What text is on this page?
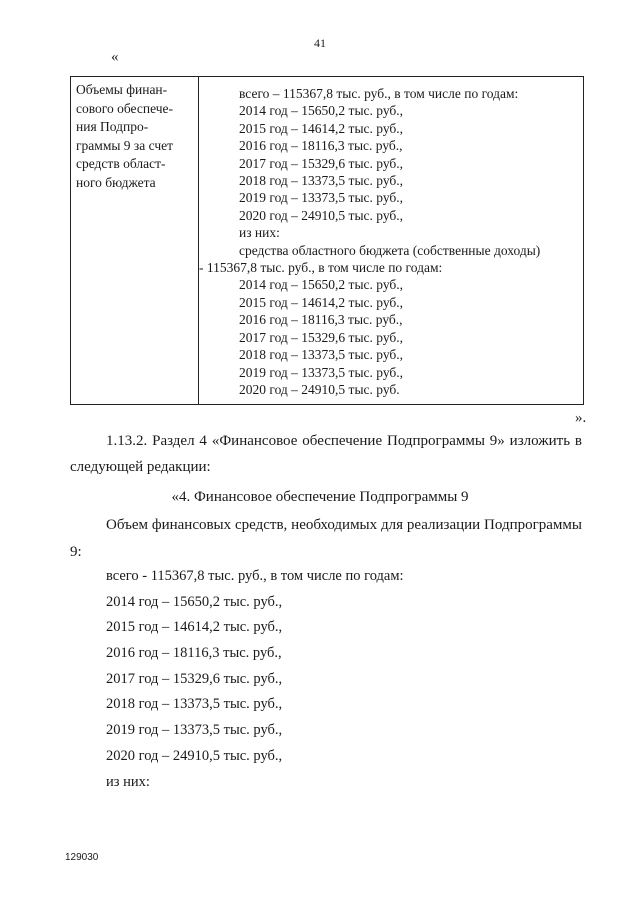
41
«
Объемы финан-
сового обеспече-
ния Подпро-
граммы 9 за счет
средств област-
ного бюджета
всего – 115367,8 тыс. руб., в том числе по годам:
2014 год – 15650,2 тыс. руб.,
2015 год – 14614,2 тыс. руб.,
2016 год – 18116,3 тыс. руб.,
2017 год – 15329,6 тыс. руб.,
2018 год – 13373,5 тыс. руб.,
2019 год – 13373,5 тыс. руб.,
2020 год – 24910,5 тыс. руб.,
из них:
средства областного бюджета (собственные доходы)
- 115367,8 тыс. руб., в том числе по годам:
2014 год – 15650,2 тыс. руб.,
2015 год – 14614,2 тыс. руб.,
2016 год – 18116,3 тыс. руб.,
2017 год – 15329,6 тыс. руб.,
2018 год – 13373,5 тыс. руб.,
2019 год – 13373,5 тыс. руб.,
2020 год – 24910,5 тыс. руб.
».
1.13.2. Раздел 4 «Финансовое обеспечение Подпрограммы 9» изложить в
следующей редакции:
«4. Финансовое обеспечение Подпрограммы 9
Объем финансовых средств, необходимых для реализации Подпрограммы
9:
всего - 115367,8 тыс. руб., в том числе по годам:
2014 год – 15650,2 тыс. руб.,
2015 год – 14614,2 тыс. руб.,
2016 год – 18116,3 тыс. руб.,
2017 год – 15329,6 тыс. руб.,
2018 год – 13373,5 тыс. руб.,
2019 год – 13373,5 тыс. руб.,
2020 год – 24910,5 тыс. руб.,
из них:
129030
